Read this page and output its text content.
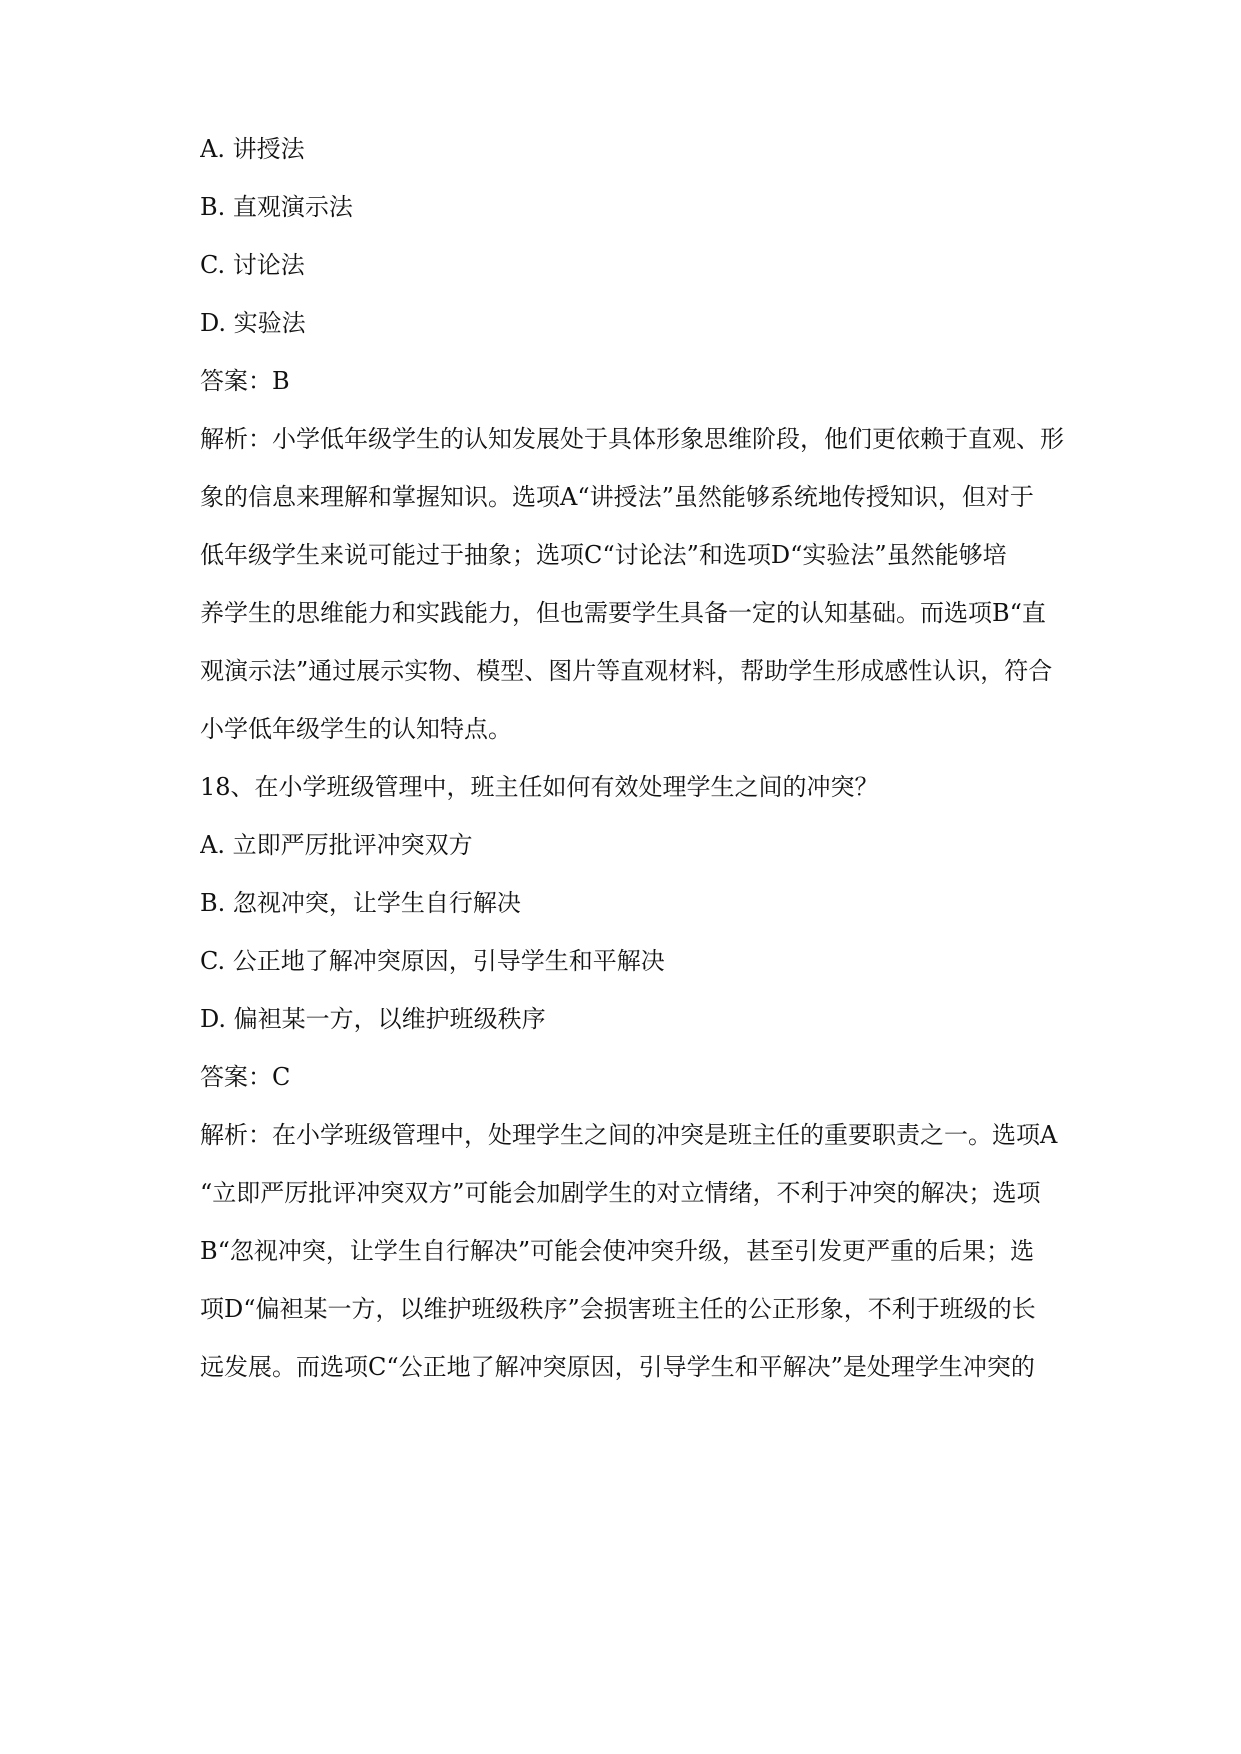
A. 讲授法
B. 直观演示法
C. 讨论法
D. 实验法
答案：B
解析：小学低年级学生的认知发展处于具体形象思维阶段，他们更依赖于直观、形
象的信息来理解和掌握知识。选项A“讲授法”虽然能够系统地传授知识，但对于
低年级学生来说可能过于抽象；选项C“讨论法”和选项D“实验法”虽然能够培
养学生的思维能力和实践能力，但也需要学生具备一定的认知基础。而选项B“直
观演示法”通过展示实物、模型、图片等直观材料，帮助学生形成感性认识，符合
小学低年级学生的认知特点。
18、在小学班级管理中，班主任如何有效处理学生之间的冲突？
A. 立即严厉批评冲突双方
B. 忽视冲突，让学生自行解决
C. 公正地了解冲突原因，引导学生和平解决
D. 偏袒某一方，以维护班级秩序
答案：C
解析：在小学班级管理中，处理学生之间的冲突是班主任的重要职责之一。选项A
“立即严厉批评冲突双方”可能会加剧学生的对立情绪，不利于冲突的解决；选项
B“忽视冲突，让学生自行解决”可能会使冲突升级，甚至引发更严重的后果；选
项D“偏袒某一方，以维护班级秩序”会损害班主任的公正形象，不利于班级的长
远发展。而选项C“公正地了解冲突原因，引导学生和平解决”是处理学生冲突的
